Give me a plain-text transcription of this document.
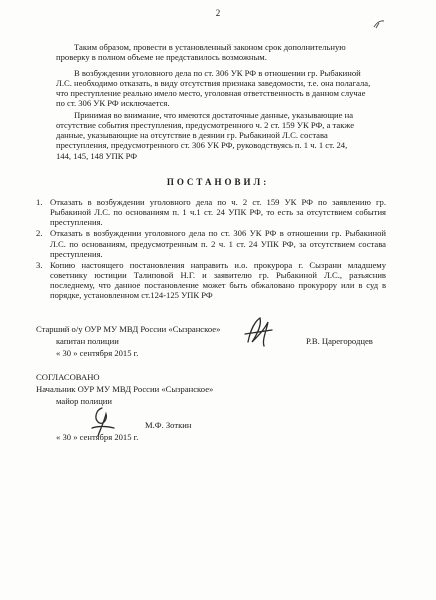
2
Таким образом, провести в установленный законом срок дополнительную
проверку в полном объеме не представилось возможным.
В возбуждении уголовного дела по ст. 306 УК РФ в отношении гр. Рыбакиной
Л.С. необходимо отказать, в виду отсутствия признака заведомости, т.е. она полагала,
что преступление реально имело место, уголовная ответственность в данном случае
по ст. 306 УК РФ исключается.
Принимая во внимание, что имеются достаточные данные, указывающие на
отсутствие события преступления, предусмотренного ч. 2 ст. 159 УК РФ, а также
данные, указывающие на отсутствие в деянии гр. Рыбакиной Л.С. состава
преступления, предусмотренного ст. 306 УК РФ, руководствуясь п. 1 ч. 1 ст. 24,
144, 145, 148 УПК РФ
ПОСТАНОВИЛ:
1. Отказать в возбуждении уголовного дела по ч. 2 ст. 159 УК РФ по заявлению гр. Рыбакиной Л.С. по основаниям п. 1 ч.1 ст. 24 УПК РФ, то есть за отсутствием события преступления.
2. Отказать в возбуждении уголовного дела по ст. 306 УК РФ в отношении гр. Рыбакиной Л.С. по основаниям, предусмотренным п. 2 ч. 1 ст. 24 УПК РФ, за отсутствием состава преступления.
3. Копию настоящего постановления направить и.о. прокурора г. Сызрани младшему советнику юстиции Талиповой Н.Г. и заявителю гр. Рыбакиной Л.С., разъяснив последнему, что данное постановление может быть обжаловано прокурору или в суд в порядке, установленном ст.124-125 УПК РФ
Старший о/у ОУР МУ МВД России «Сызранское»
капитан полиции	Р.В. Царегородцев
« 30 » сентября 2015 г.
СОГЛАСОВАНО
Начальник ОУР МУ МВД России «Сызранское»
майор полиции
М.Ф. Зоткин
« 30 » сентября 2015 г.
